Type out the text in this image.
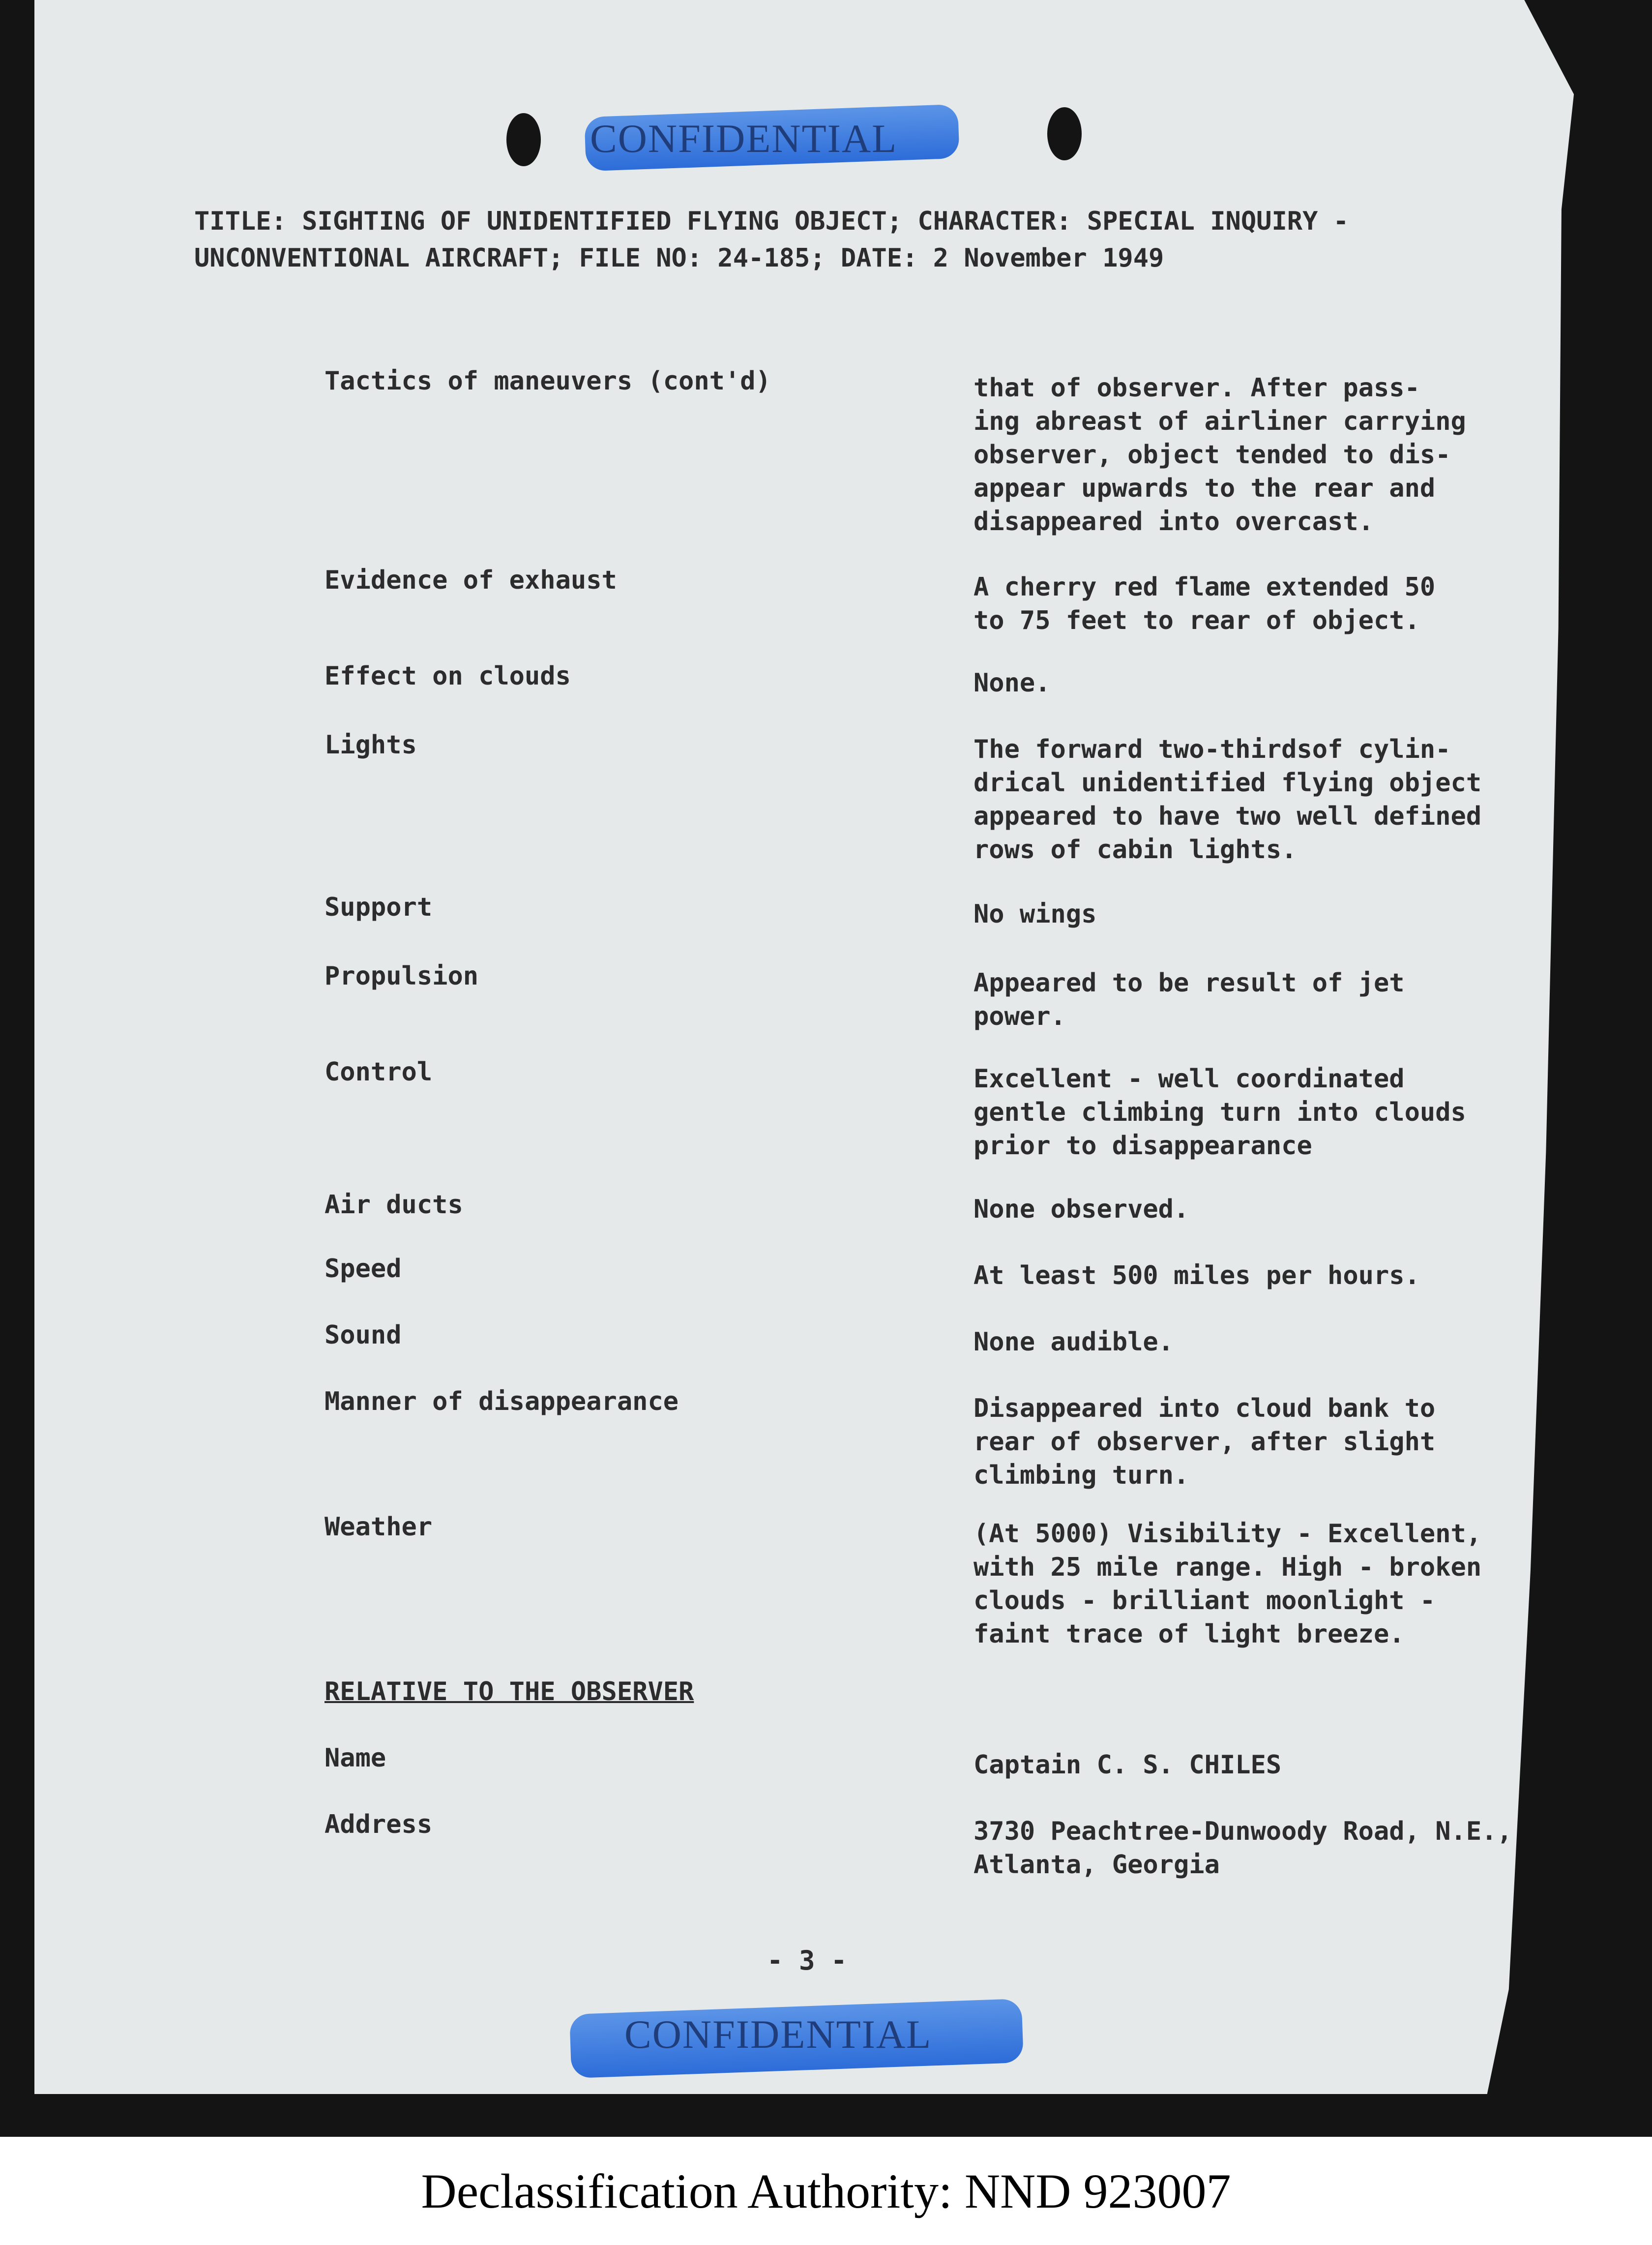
CONFIDENTIAL
TITLE: SIGHTING OF UNIDENTIFIED FLYING OBJECT; CHARACTER: SPECIAL INQUIRY -
UNCONVENTIONAL AIRCRAFT; FILE NO: 24-185; DATE: 2 November 1949
Tactics of maneuvers (cont'd)	that of observer. After pass-
ing abreast of airliner carrying
observer, object tended to dis-
appear upwards to the rear and
disappeared into overcast.
Evidence of exhaust	A cherry red flame extended 50
to 75 feet to rear of object.
Effect on clouds	None.
Lights	The forward two-thirdsof cylin-
drical unidentified flying object
appeared to have two well defined
rows of cabin lights.
Support	No wings
Propulsion	Appeared to be result of jet
power.
Control	Excellent - well coordinated
gentle climbing turn into clouds
prior to disappearance
Air ducts	None observed.
Speed	At least 500 miles per hours.
Sound	None audible.
Manner of disappearance	Disappeared into cloud bank to
rear of observer, after slight
climbing turn.
Weather	(At 5000) Visibility - Excellent,
with 25 mile range. High - broken
clouds - brilliant moonlight -
faint trace of light breeze.
RELATIVE TO THE OBSERVER
Name	Captain C. S. CHILES
Address	3730 Peachtree-Dunwoody Road, N.E.,
Atlanta, Georgia
- 3 -
CONFIDENTIAL
Declassification Authority: NND 923007
